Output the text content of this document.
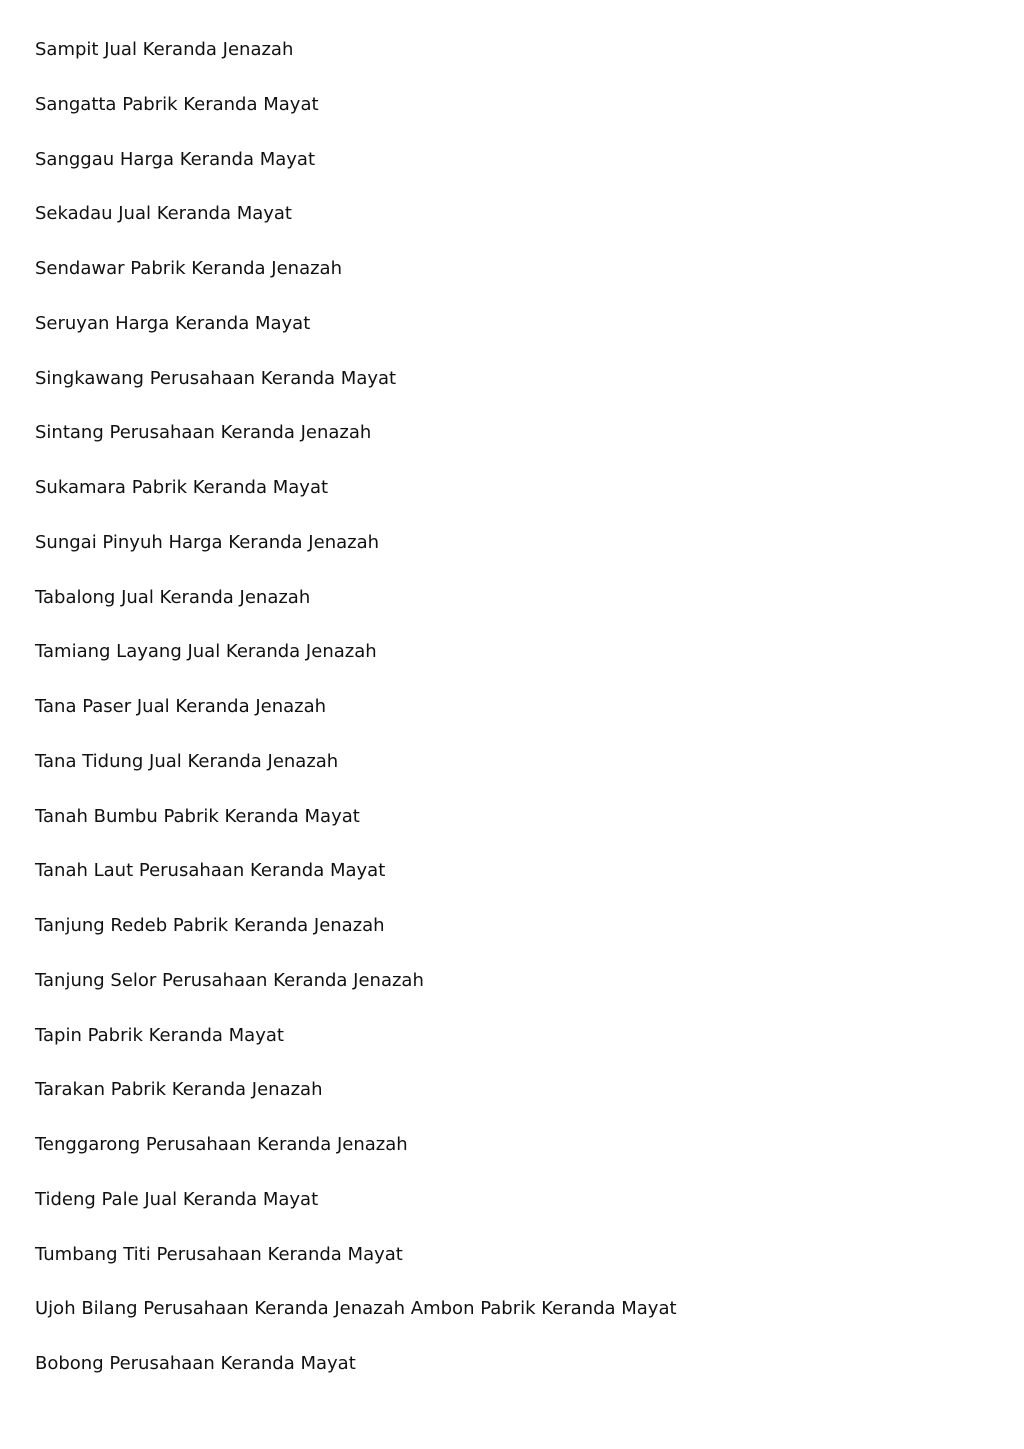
Sampit Jual Keranda Jenazah
Sangatta Pabrik Keranda Mayat
Sanggau Harga Keranda Mayat
Sekadau Jual Keranda Mayat
Sendawar Pabrik Keranda Jenazah
Seruyan Harga Keranda Mayat
Singkawang Perusahaan Keranda Mayat
Sintang Perusahaan Keranda Jenazah
Sukamara Pabrik Keranda Mayat
Sungai Pinyuh Harga Keranda Jenazah
Tabalong Jual Keranda Jenazah
Tamiang Layang Jual Keranda Jenazah
Tana Paser Jual Keranda Jenazah
Tana Tidung Jual Keranda Jenazah
Tanah Bumbu Pabrik Keranda Mayat
Tanah Laut Perusahaan Keranda Mayat
Tanjung Redeb Pabrik Keranda Jenazah
Tanjung Selor Perusahaan Keranda Jenazah
Tapin Pabrik Keranda Mayat
Tarakan Pabrik Keranda Jenazah
Tenggarong Perusahaan Keranda Jenazah
Tideng Pale Jual Keranda Mayat
Tumbang Titi Perusahaan Keranda Mayat
Ujoh Bilang Perusahaan Keranda Jenazah Ambon Pabrik Keranda Mayat
Bobong Perusahaan Keranda Mayat
